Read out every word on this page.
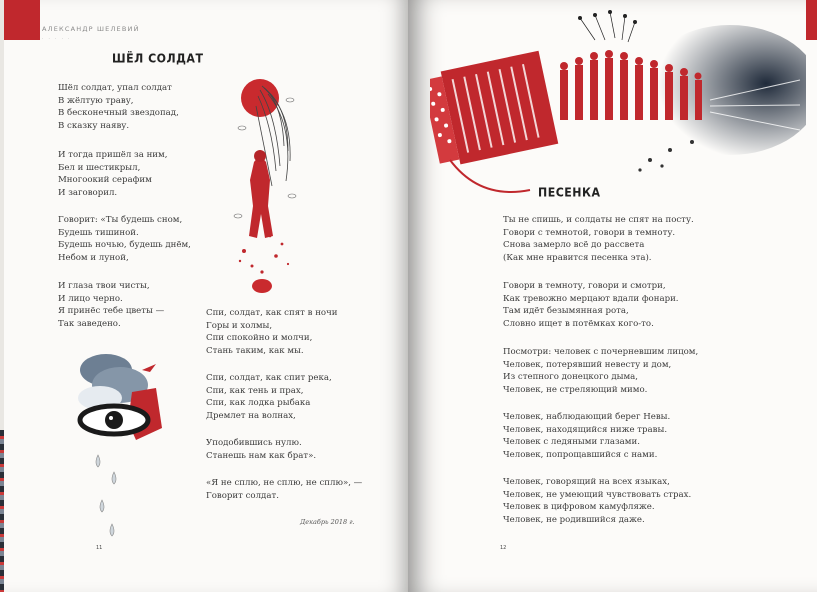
АЛЕКСАНДР ШЕЛЕВИЙ
· · · · ·
ШЁЛ СОЛДАТ
Шёл солдат, упал солдат
В жёлтую траву,
В бесконечный звездопад,
В сказку наяву.
И тогда пришёл за ним,
Бел и шестикрыл,
Многоокий серафим
И заговорил.
Говорит: «Ты будешь сном,
Будешь тишиной.
Будешь ночью, будешь днём,
Небом и луной,
И глаза твои чисты,
И лицо черно.
Я принёс тебе цветы —
Так заведено.
Спи, солдат, как спят в ночи
Горы и холмы,
Спи спокойно и молчи,
Стань таким, как мы.
Спи, солдат, как спит река,
Спи, как тень и прах,
Спи, как лодка рыбака
Дремлет на волнах,
Уподобившись нулю.
Станешь нам как брат».
«Я не сплю, не сплю, не сплю», —
Говорит солдат.
Декабрь 2018 г.
11
ПЕСЕНКА
Ты не спишь, и солдаты не спят на посту.
Говори с темнотой, говори в темноту.
Снова замерло всё до рассвета
(Как мне нравится песенка эта).
Говори в темноту, говори и смотри,
Как тревожно мерцают вдали фонари.
Там идёт безымянная рота,
Словно ищет в потёмках кого-то.
Посмотри: человек с почерневшим лицом,
Человек, потерявший невесту и дом,
Из степного донецкого дыма,
Человек, не стреляющий мимо.
Человек, наблюдающий берег Невы.
Человек, находящийся ниже травы.
Человек с ледяными глазами.
Человек, попрощавшийся с нами.
Человек, говорящий на всех языках,
Человек, не умеющий чувствовать страх.
Человек в цифровом камуфляже.
Человек, не родившийся даже.
12
